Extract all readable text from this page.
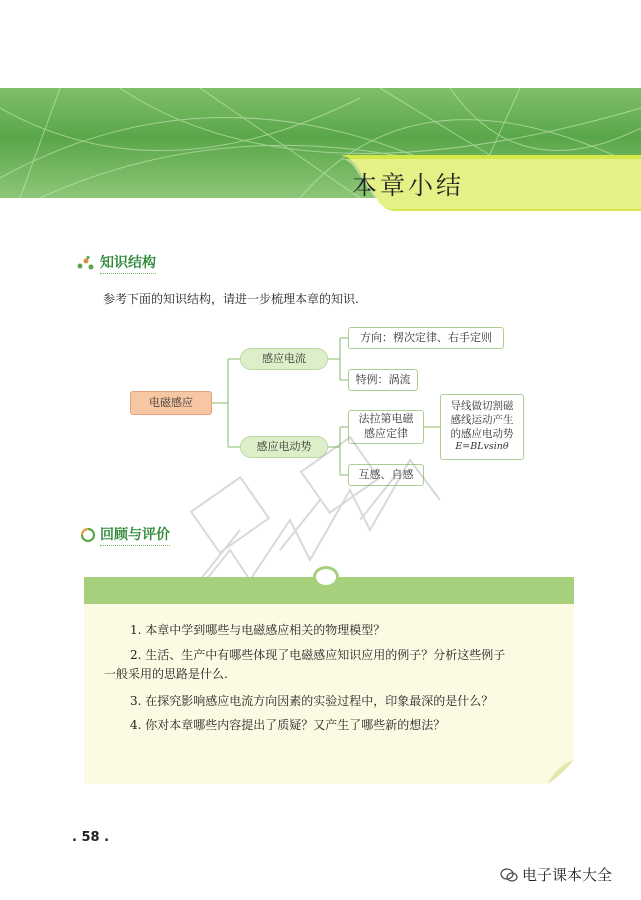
本章小结
知识结构
参考下面的知识结构，请进一步梳理本章的知识.
电磁感应
感应电流
感应电动势
方向：楞次定律、右手定则
特例：涡流
法拉第电磁
感应定律
导线做切割磁
感线运动产生
的感应电动势
E=BLvsinθ
互感、自感
回顾与评价
1. 本章中学到哪些与电磁感应相关的物理模型？
2. 生活、生产中有哪些体现了电磁感应知识应用的例子？分析这些例子
一般采用的思路是什么.
3. 在探究影响感应电流方向因素的实验过程中，印象最深的是什么？
4. 你对本章哪些内容提出了质疑？又产生了哪些新的想法？
. 58 .
电子课本大全
